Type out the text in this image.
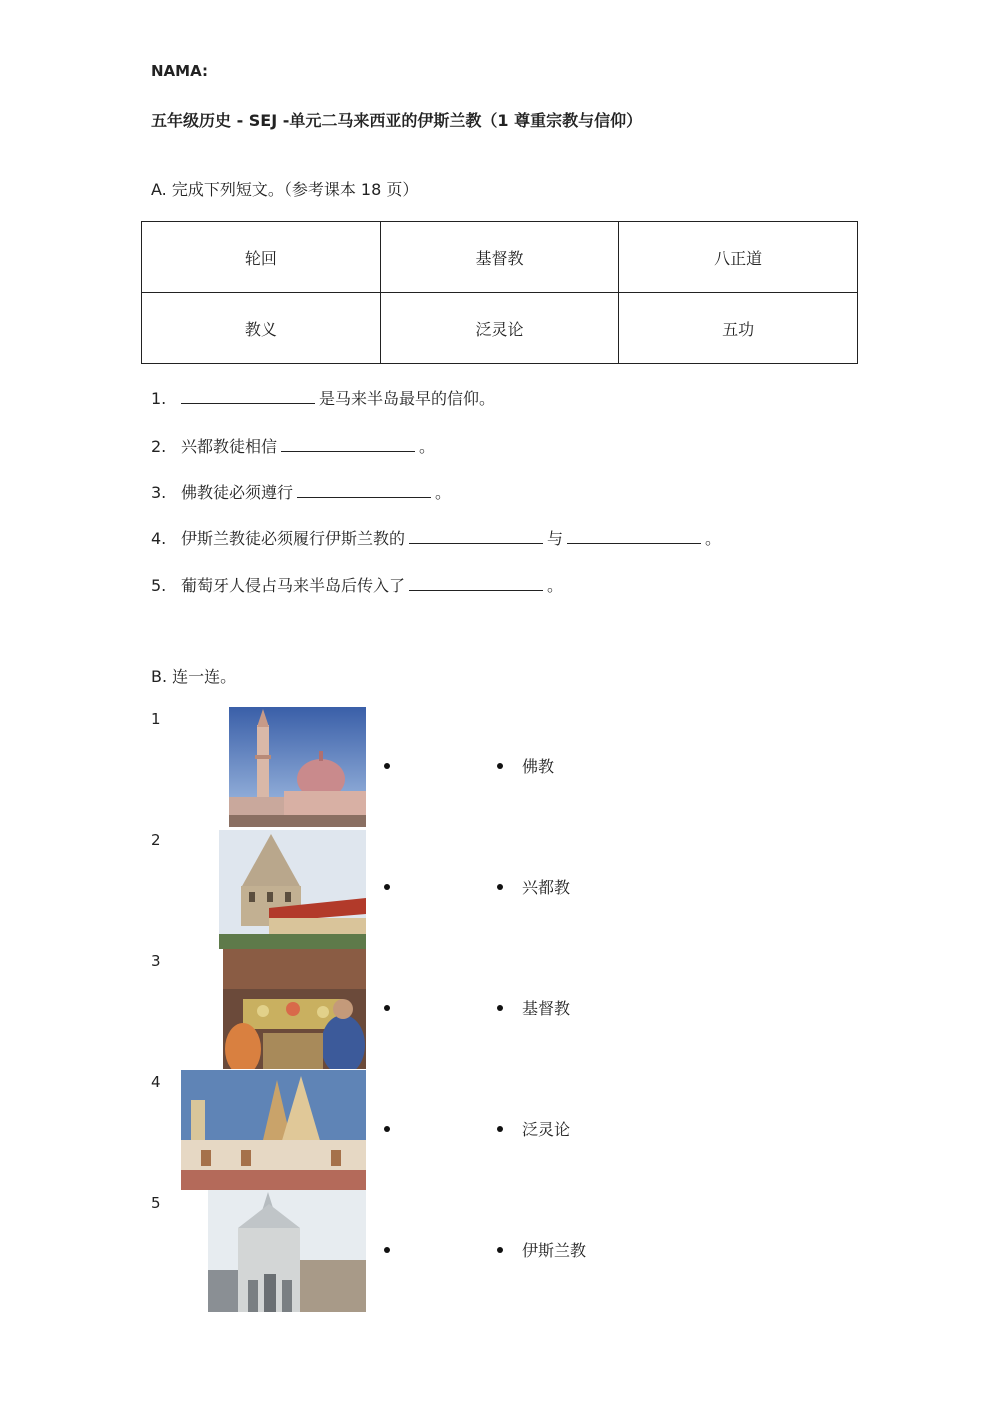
NAMA:
五年级历史 - SEJ -单元二马来西亚的伊斯兰教（1 尊重宗教与信仰）
A. 完成下列短文。（参考课本 18 页）
轮回	基督教	八正道
教义	泛灵论	五功
1.	是马来半岛最早的信仰。
2. 兴都教徒相信	。
3. 佛教徒必须遵行	。
4. 伊斯兰教徒必须履行伊斯兰教的	与	。
5. 葡萄牙人侵占马来半岛后传入了	。
B. 连一连。
1
佛教
2
兴都教
3
基督教
4
泛灵论
5
伊斯兰教
